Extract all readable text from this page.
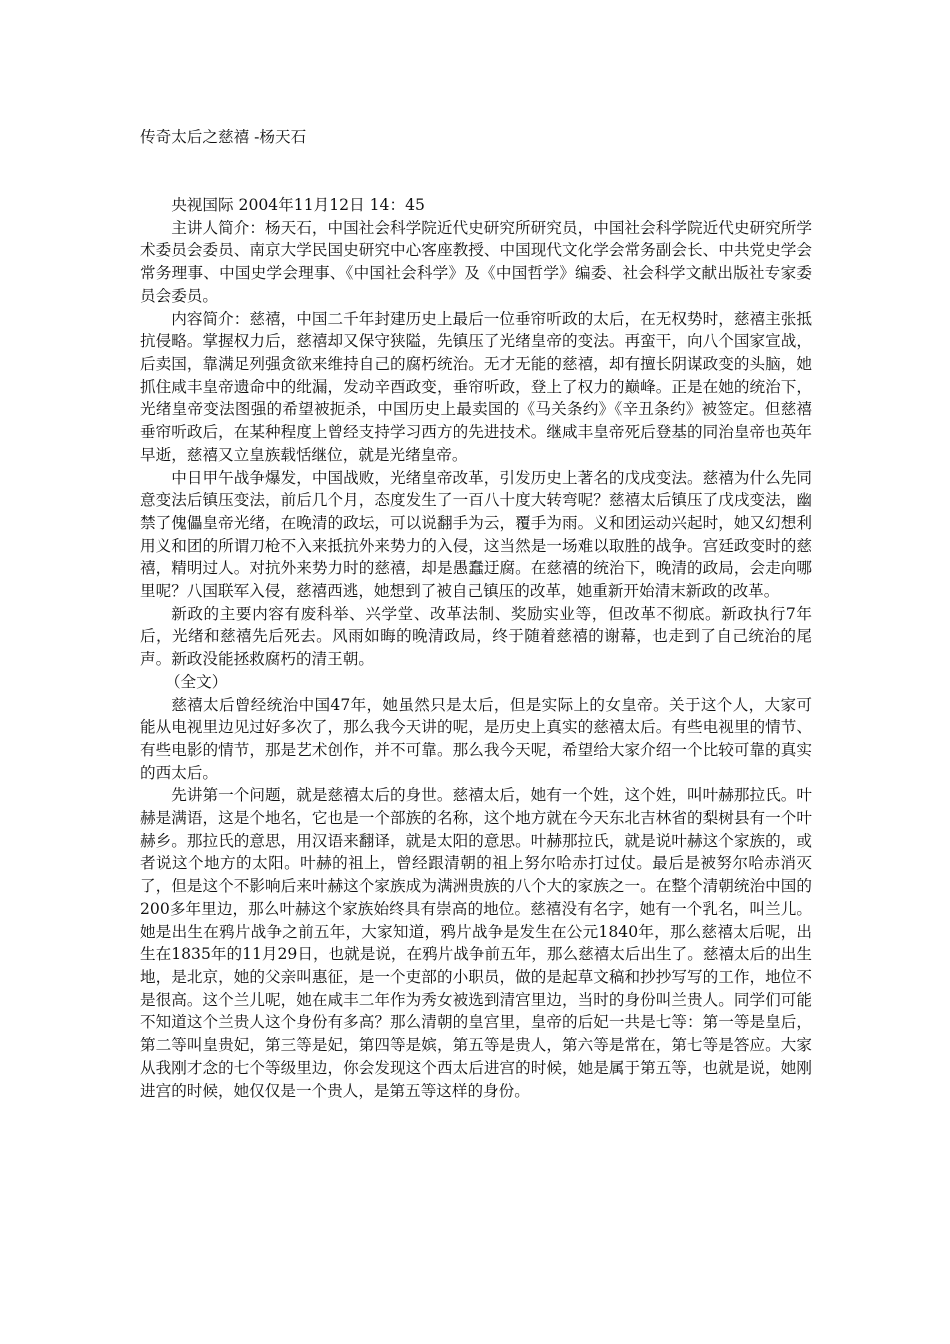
传奇太后之慈禧 -杨天石

央视国际 2004年11月12日 14：45

主讲人简介：杨天石，中国社会科学院近代史研究所研究员，中国社会科学院近代史研究所学术委员会委员、南京大学民国史研究中心客座教授、中国现代文化学会常务副会长、中共党史学会常务理事、中国史学会理事、《中国社会科学》及《中国哲学》编委、社会科学文献出版社专家委员会委员。

内容简介：慈禧，中国二千年封建历史上最后一位垂帘听政的太后，在无权势时，慈禧主张抵抗侵略。掌握权力后，慈禧却又保守狭隘，先镇压了光绪皇帝的变法。再蛮干，向八个国家宣战，后卖国，靠满足列强贪欲来维持自己的腐朽统治。无才无能的慈禧，却有擅长阴谋政变的头脑，她抓住咸丰皇帝遗命中的纰漏，发动辛酉政变，垂帘听政，登上了权力的巅峰。正是在她的统治下，光绪皇帝变法图强的希望被扼杀，中国历史上最卖国的《马关条约》《辛丑条约》被签定。但慈禧垂帘听政后，在某种程度上曾经支持学习西方的先进技术。继咸丰皇帝死后登基的同治皇帝也英年早逝，慈禧又立皇族载恬继位，就是光绪皇帝。

中日甲午战争爆发，中国战败，光绪皇帝改革，引发历史上著名的戊戌变法。慈禧为什么先同意变法后镇压变法，前后几个月，态度发生了一百八十度大转弯呢？慈禧太后镇压了戊戌变法，幽禁了傀儡皇帝光绪，在晚清的政坛，可以说翻手为云，覆手为雨。义和团运动兴起时，她又幻想利用义和团的所谓刀枪不入来抵抗外来势力的入侵，这当然是一场难以取胜的战争。宫廷政变时的慈禧，精明过人。对抗外来势力时的慈禧，却是愚蠢迂腐。在慈禧的统治下，晚清的政局，会走向哪里呢？八国联军入侵，慈禧西逃，她想到了被自己镇压的改革，她重新开始清末新政的改革。

新政的主要内容有废科举、兴学堂、改革法制、奖励实业等，但改革不彻底。新政执行7年后，光绪和慈禧先后死去。风雨如晦的晚清政局，终于随着慈禧的谢幕，也走到了自己统治的尾声。新政没能拯救腐朽的清王朝。

（全文）

慈禧太后曾经统治中国47年，她虽然只是太后，但是实际上的女皇帝。关于这个人，大家可能从电视里边见过好多次了，那么我今天讲的呢，是历史上真实的慈禧太后。有些电视里的情节、有些电影的情节，那是艺术创作，并不可靠。那么我今天呢，希望给大家介绍一个比较可靠的真实的西太后。

先讲第一个问题，就是慈禧太后的身世。慈禧太后，她有一个姓，这个姓，叫叶赫那拉氏。叶赫是满语，这是个地名，它也是一个部族的名称，这个地方就在今天东北吉林省的梨树县有一个叶赫乡。那拉氏的意思，用汉语来翻译，就是太阳的意思。叶赫那拉氏，就是说叶赫这个家族的，或者说这个地方的太阳。叶赫的祖上，曾经跟清朝的祖上努尔哈赤打过仗。最后是被努尔哈赤消灭了，但是这个不影响后来叶赫这个家族成为满洲贵族的八个大的家族之一。在整个清朝统治中国的200多年里边，那么叶赫这个家族始终具有崇高的地位。慈禧没有名字，她有一个乳名，叫兰儿。她是出生在鸦片战争之前五年，大家知道，鸦片战争是发生在公元1840年，那么慈禧太后呢，出生在1835年的11月29日，也就是说，在鸦片战争前五年，那么慈禧太后出生了。慈禧太后的出生地，是北京，她的父亲叫惠征，是一个吏部的小职员，做的是起草文稿和抄抄写写的工作，地位不是很高。这个兰儿呢，她在咸丰二年作为秀女被选到清宫里边，当时的身份叫兰贵人。同学们可能不知道这个兰贵人这个身份有多高？那么清朝的皇宫里，皇帝的后妃一共是七等：第一等是皇后，第二等叫皇贵妃，第三等是妃，第四等是嫔，第五等是贵人，第六等是常在，第七等是答应。大家从我刚才念的七个等级里边，你会发现这个西太后进宫的时候，她是属于第五等，也就是说，她刚进宫的时候，她仅仅是一个贵人，是第五等这样的身份。
